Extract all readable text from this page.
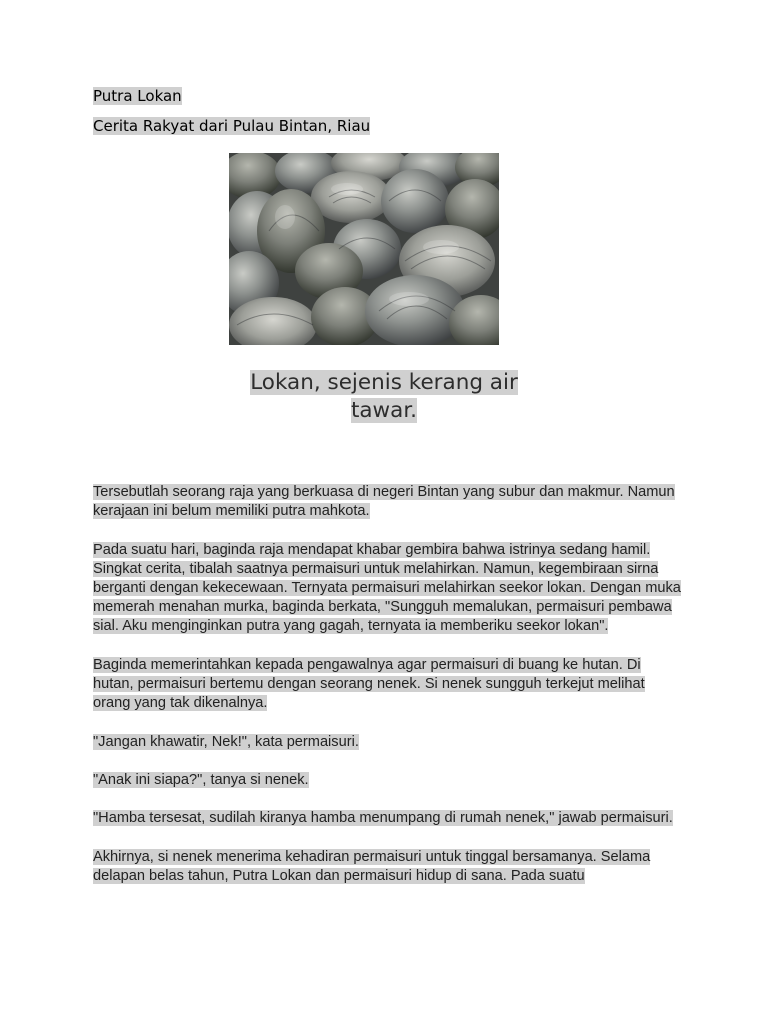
Putra Lokan

Cerita Rakyat dari Pulau Bintan, Riau

Lokan, sejenis kerang air
tawar.

Tersebutlah seorang raja yang berkuasa di negeri Bintan yang subur dan makmur. Namun kerajaan ini belum memiliki putra mahkota.

Pada suatu hari, baginda raja mendapat khabar gembira bahwa istrinya sedang hamil. Singkat cerita, tibalah saatnya permaisuri untuk melahirkan. Namun, kegembiraan sirna berganti dengan kekecewaan. Ternyata permaisuri melahirkan seekor lokan. Dengan muka memerah menahan murka, baginda berkata, "Sungguh memalukan, permaisuri pembawa sial. Aku menginginkan putra yang gagah, ternyata ia memberiku seekor lokan".

Baginda memerintahkan kepada pengawalnya agar permaisuri di buang ke hutan. Di hutan, permaisuri bertemu dengan seorang nenek. Si nenek sungguh terkejut melihat orang yang tak dikenalnya.

"Jangan khawatir, Nek!", kata permaisuri.

"Anak ini siapa?", tanya si nenek.

"Hamba tersesat, sudilah kiranya hamba menumpang di rumah nenek," jawab permaisuri.

Akhirnya, si nenek menerima kehadiran permaisuri untuk tinggal bersamanya. Selama delapan belas tahun, Putra Lokan dan permaisuri hidup di sana. Pada suatu
